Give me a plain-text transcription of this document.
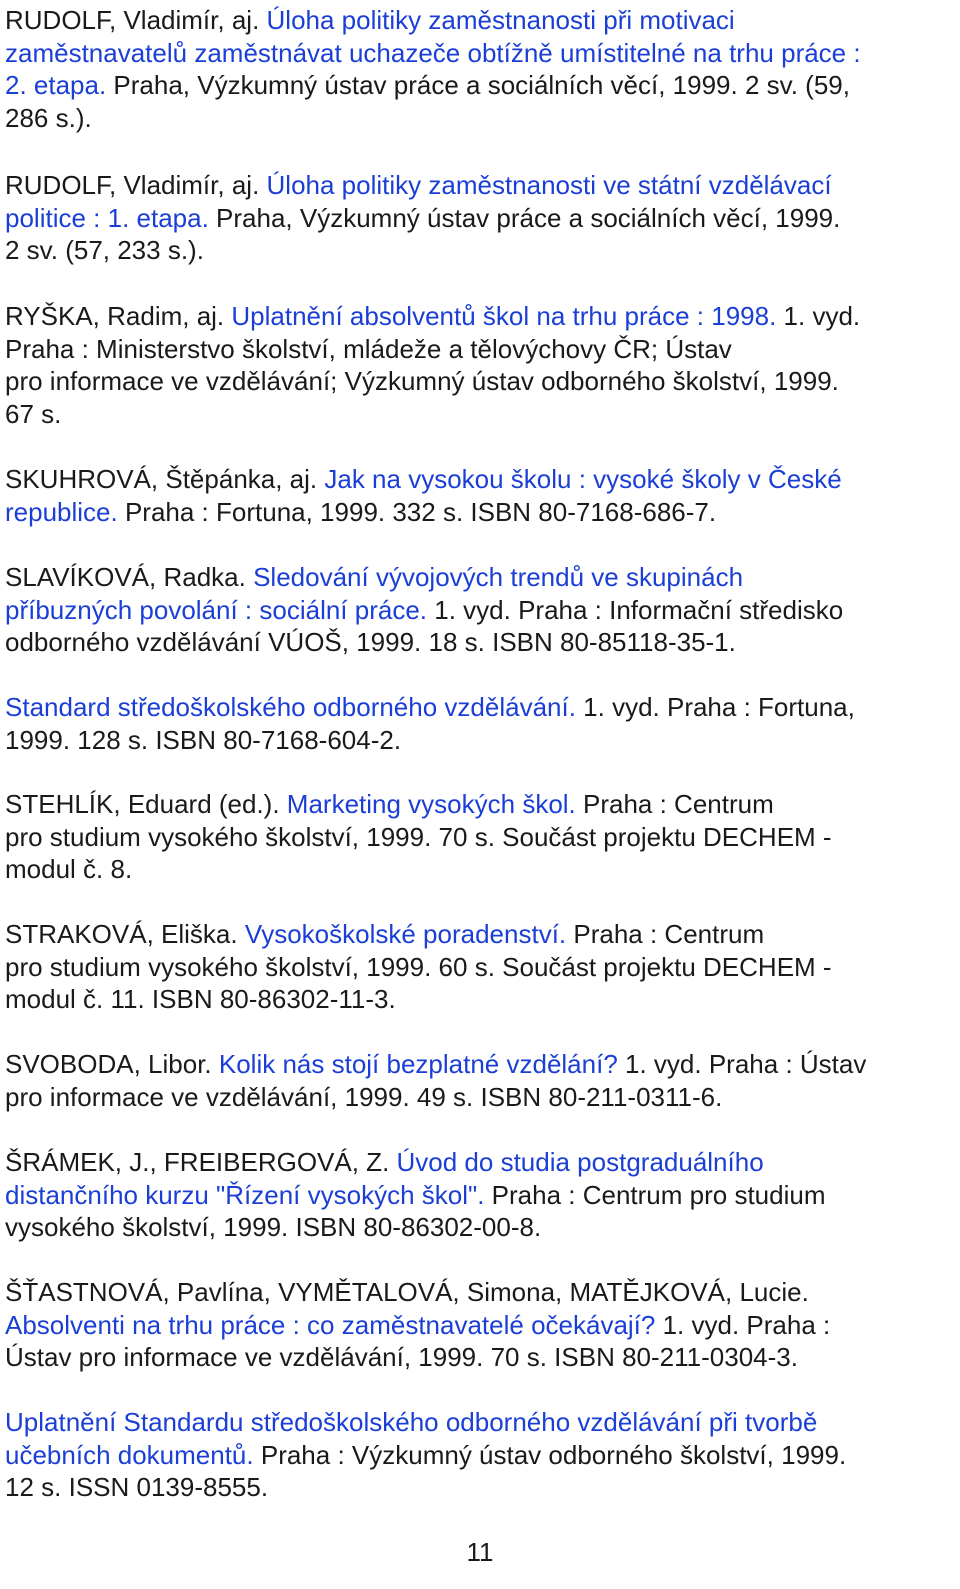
RUDOLF, Vladimír, aj. Úloha politiky zaměstnanosti při motivaci
zaměstnavatelů zaměstnávat uchazeče obtížně umístitelné na trhu práce :
2. etapa. Praha, Výzkumný ústav práce a sociálních věcí, 1999. 2 sv. (59,
286 s.).

RUDOLF, Vladimír, aj. Úloha politiky zaměstnanosti ve státní vzdělávací
politice : 1. etapa. Praha, Výzkumný ústav práce a sociálních věcí, 1999.
2 sv. (57, 233 s.).

RYŠKA, Radim, aj. Uplatnění absolventů škol na trhu práce : 1998. 1. vyd.
Praha : Ministerstvo školství, mládeže a tělovýchovy ČR; Ústav
pro informace ve vzdělávání; Výzkumný ústav odborného školství, 1999.
67 s.

SKUHROVÁ, Štěpánka, aj. Jak na vysokou školu : vysoké školy v České
republice. Praha : Fortuna, 1999. 332 s. ISBN 80-7168-686-7.

SLAVÍKOVÁ, Radka. Sledování vývojových trendů ve skupinách
příbuzných povolání : sociální práce. 1. vyd. Praha : Informační středisko
odborného vzdělávání VÚOŠ, 1999. 18 s. ISBN 80-85118-35-1.

Standard středoškolského odborného vzdělávání. 1. vyd. Praha : Fortuna,
1999. 128 s. ISBN 80-7168-604-2.

STEHLÍK, Eduard (ed.). Marketing vysokých škol. Praha : Centrum
pro studium vysokého školství, 1999. 70 s. Součást projektu DECHEM -
modul č. 8.

STRAKOVÁ, Eliška. Vysokoškolské poradenství. Praha : Centrum
pro studium vysokého školství, 1999. 60 s. Součást projektu DECHEM -
modul č. 11. ISBN 80-86302-11-3.

SVOBODA, Libor. Kolik nás stojí bezplatné vzdělání? 1. vyd. Praha : Ústav
pro informace ve vzdělávání, 1999. 49 s. ISBN 80-211-0311-6.

ŠRÁMEK, J., FREIBERGOVÁ, Z. Úvod do studia postgraduálního
distančního kurzu "Řízení vysokých škol". Praha : Centrum pro studium
vysokého školství, 1999. ISBN 80-86302-00-8.

ŠŤASTNOVÁ, Pavlína, VYMĚTALOVÁ, Simona, MATĚJKOVÁ, Lucie.
Absolventi na trhu práce : co zaměstnavatelé očekávají? 1. vyd. Praha :
Ústav pro informace ve vzdělávání, 1999. 70 s. ISBN 80-211-0304-3.

Uplatnění Standardu středoškolského odborného vzdělávání při tvorbě
učebních dokumentů. Praha : Výzkumný ústav odborného školství, 1999.
12 s. ISSN 0139-8555.

11
